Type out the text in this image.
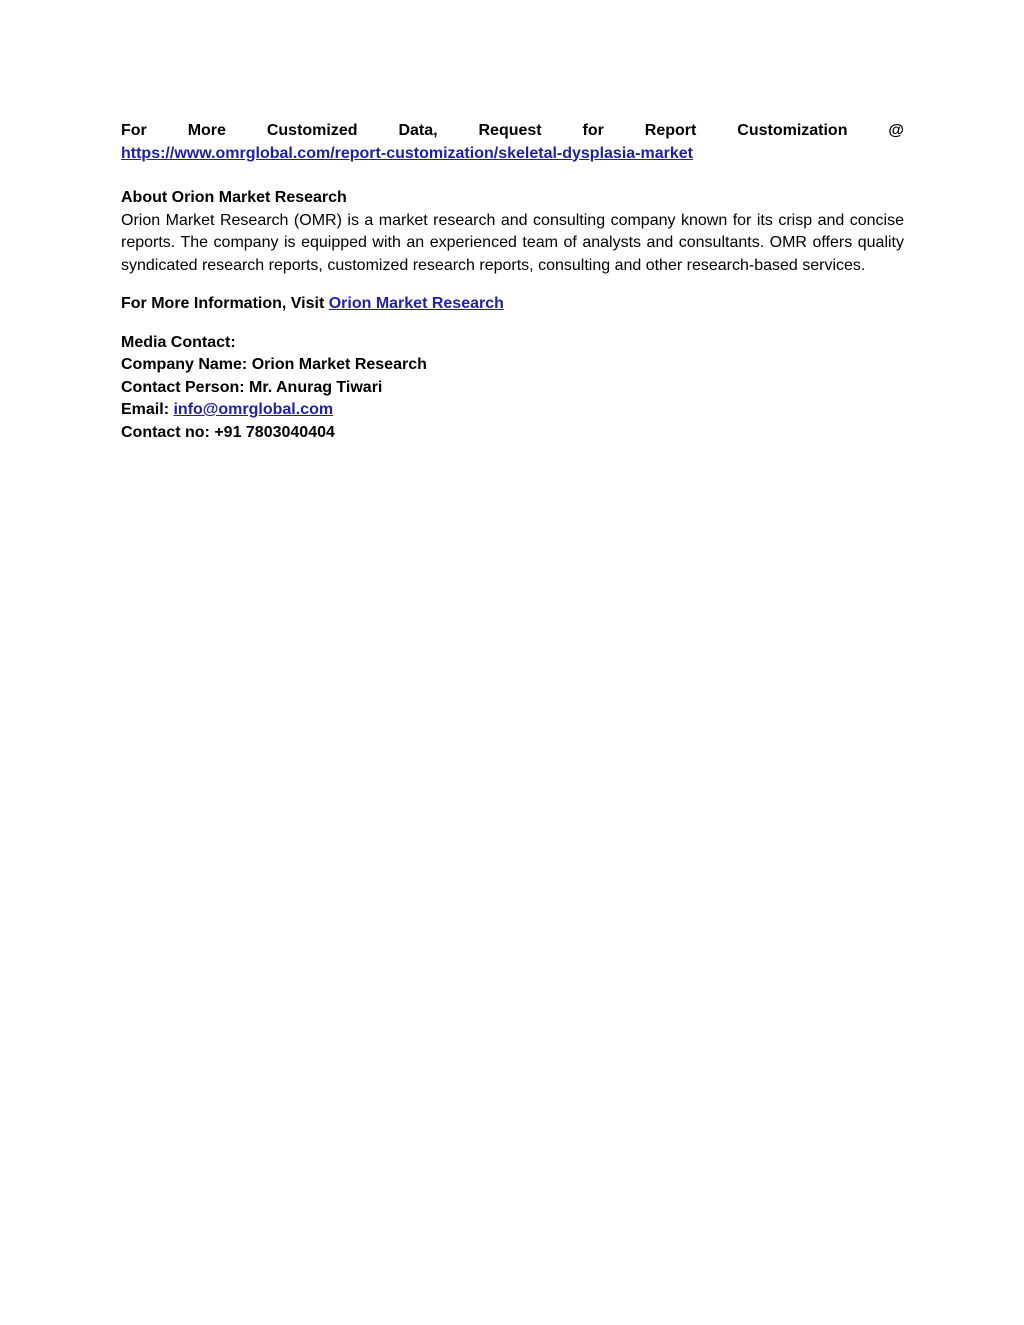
For More Customized Data, Request for Report Customization @
https://www.omrglobal.com/report-customization/skeletal-dysplasia-market
About Orion Market Research
Orion Market Research (OMR) is a market research and consulting company known for its crisp and concise reports. The company is equipped with an experienced team of analysts and consultants. OMR offers quality syndicated research reports, customized research reports, consulting and other research-based services.
For More Information, Visit Orion Market Research
Media Contact:
Company Name: Orion Market Research
Contact Person: Mr. Anurag Tiwari
Email: info@omrglobal.com
Contact no: +91 7803040404
